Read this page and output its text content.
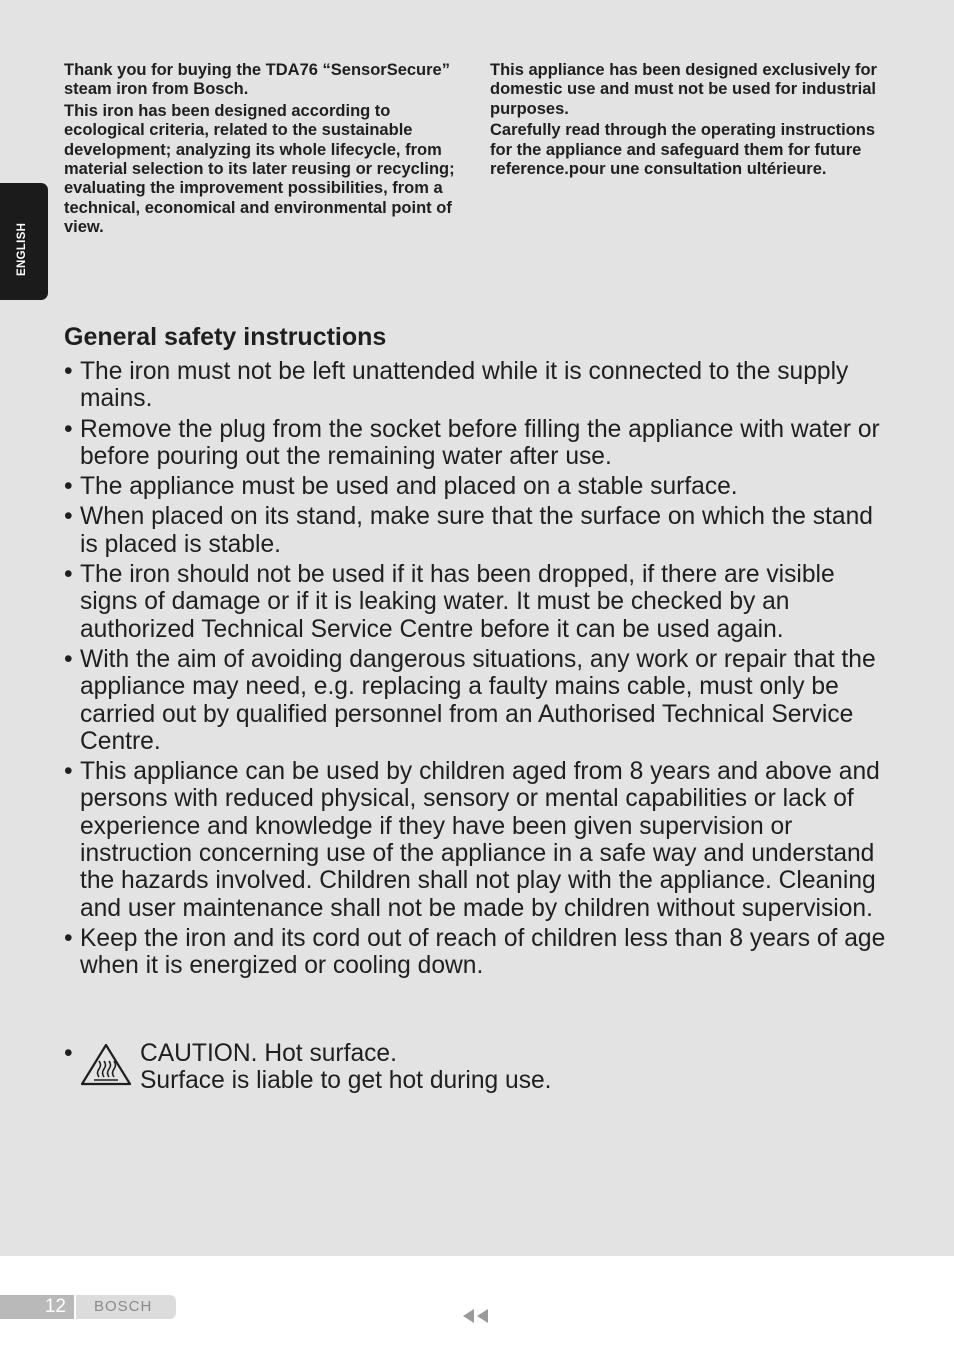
ENGLISH

Thank you for buying the TDA76 “SensorSecure” steam iron from Bosch.

This iron has been designed according to ecological criteria, related to the sustainable development; analyzing its whole lifecycle, from material selection to its later reusing or recycling; evaluating the improvement possibilities, from a technical, economical and environmental point of view.

This appliance has been designed exclusively for domestic use and must not be used for industrial purposes.

Carefully read through the operating instructions for the appliance and safeguard them for future reference.pour une consultation ultérieure.

General safety instructions
• The iron must not be left unattended while it is connected to the supply mains.
• Remove the plug from the socket before filling the appliance with water or before pouring out the remaining water after use.
• The appliance must be used and placed on a stable surface.
• When placed on its stand, make sure that the surface on which the stand is placed is stable.
• The iron should not be used if it has been dropped, if there are visible signs of damage or if it is leaking water. It must be checked by an authorized Technical Service Centre before it can be used again.
• With the aim of avoiding dangerous situations, any work or repair that the appliance may need, e.g. replacing a faulty mains cable, must only be carried out by qualified personnel from an Authorised Technical Service Centre.
• This appliance can be used by children aged from 8 years and above and persons with reduced physical, sensory or mental capabilities or lack of experience and knowledge if they have been given supervision or instruction concerning use of the appliance in a safe way and understand the hazards involved. Children shall not play with the appliance. Cleaning and user maintenance shall not be made by children without supervision.
• Keep the iron and its cord out of reach of children less than 8 years of age when it is energized or cooling down.
•	CAUTION. Hot surface.
Surface is liable to get hot during use.
12	BOSCH
